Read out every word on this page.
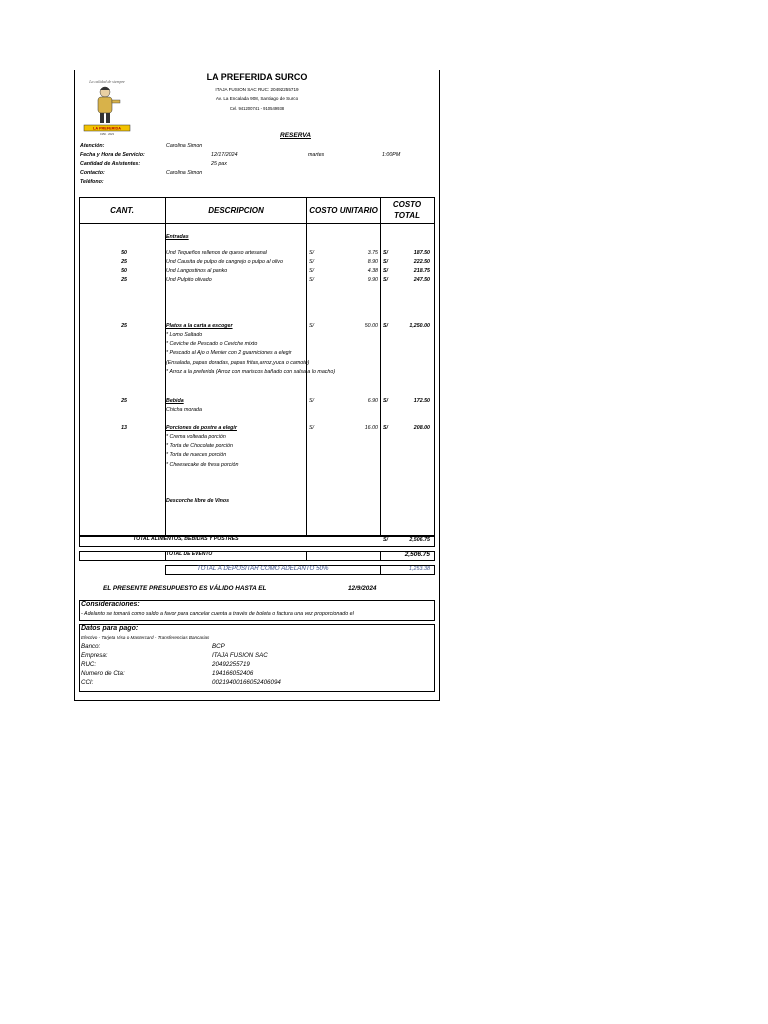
La calidad de siempre
LA PREFERIDA
1950 · 2023
LA PREFERIDA SURCO
ITAJA FUSION SAC RUC: 20492255719
Av. La Encalada 908, Santiago de Surco
Cel. 941200741 - 910549938
RESERVA
Atención:	Carolina Simon
Fecha y Hora de Servicio:	12/17/2024	martes	1:00PM
Cantidad de Asistentes:	25 pax
Contacto:	Carolina Simon
Teléfono:
CANT.	DESCRIPCION	COSTO UNITARIO
COSTO
TOTAL
Entradas
50	Und Tequeños rellenos de queso artesanal	S/	3.75 S/	187.50
25	Und Causita de pulpo de cangrejo o pulpo al olivo	S/	8.90 S/	222.50
50	Und Langostinos al panko	S/	4.38 S/	218.75
25	Und Pulpito olivado	S/	9.90 S/	247.50
25	Platos a la carta a escoger	S/	50.00 S/	1,250.00
* Lomo Saltado
* Ceviche de Pescado o Ceviche mixto
* Pescado al Ajo o Menier con 2 guarniciones a elegir
(Ensalada, papas doradas, papas fritas,arroz,yuca o camote)
* Arroz a la preferida (Arroz con mariscos bañado con salsa a lo macho)
25	Bebida	S/	6.90 S/	172.50
Chicha morada
13	Porciones de postre a elegir	S/	16.00 S/	208.00
* Crema volteada porción
* Torta de Chocolate porción
* Torta de nueces porción
* Cheesecake de fresa porción
Descorche libre de Vinos
TOTAL ALIMENTOS, BEBIDAS Y POSTRES	S/	2,506.75
TOTAL DE EVENTO	2,506.75
TOTAL A DEPOSITAR COMO ADELANTO 50%	1,253.38
EL PRESENTE PRESUPUESTO ES VÁLIDO HASTA EL	12/9/2024
Consideraciones:
- Adelanto se tomará como saldo a favor para cancelar cuenta a través de boleta o factura una vez proporcionado el
Datos para pago:
Efectivo - Tarjeta Visa o Mastercard - Transferencias Bancarias
Banco:	BCP
Empresa:	ITAJA FUSION SAC
RUC:	20492255719
Numero de Cta:	194166052406
CCI:	00219400166052406094
